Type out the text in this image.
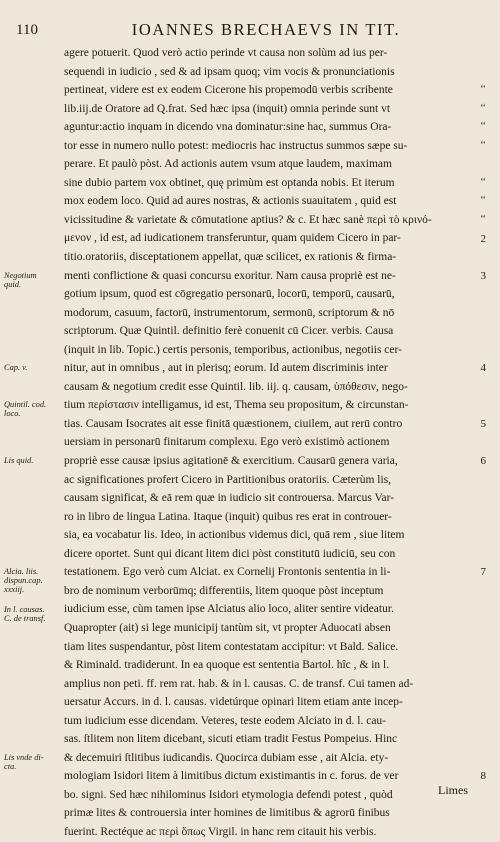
110	IOANNES BRECHAEVS IN TIT.
Negotium
quid.
Cap. v.
Quintil. cod.
loco.
Lis quid.
Alcia. liis.
dispun.cap.
xxxiij.
In l. causas.
C. de transf.
Lis vnde di-
cta.
agere potuerit. Quod verò actio perinde vt causa non solùm ad ius per-
sequendi in iudicio , sed & ad ipsam quoq; vim vocis & pronunciationis
pertineat, videre est ex eodem Cicerone his propemodū verbis scribente
lib.iij.de Oratore ad Q.frat. Sed hæc ipsa (inquit) omnia perinde sunt vt
aguntur:actio inquam in dicendo vna dominatur:sine hac, summus Ora-
tor esse in numero nullo potest: mediocris hac instructus summos sæpe su-
perare. Et paulò pòst. Ad actionis autem vsum atque laudem, maximam
sine dubio partem vox obtinet, quę primùm est optanda nobis. Et iterum
mox eodem loco. Quid ad aures nostras, & actionis suauitatem , quid est
vicissitudine & varietate & cōmutatione aptius? & c. Et hæc sanè περὶ τὸ κρινό-
μενον , id est, ad iudicationem transferuntur, quam quidem Cicero in par-
titio.oratoriis, disceptationem appellat, quæ scilicet, ex rationis & firma-
menti conflictione & quasi concursu exoritur. Nam causa propriè est ne-
gotium ipsum, quod est cōgregatio personarū, locorū, temporū, causarū,
modorum, casuum, factorū, instrumentorum, sermonū, scriptorum & nō
scriptorum. Quæ Quintil. definitio ferè conuenit cū Cicer. verbis. Causa
(inquit in lib. Topic.) certis personis, temporibus, actionibus, negotiis cer-
nitur, aut in omnibus , aut in plerisq; eorum. Id autem discriminis inter
causam & negotium credit esse Quintil. lib. iij. q. causam, ὑπόθεσιν, nego-
tium περίστασιν intelligamus, id est, Thema seu propositum, & circunstan-
tias. Causam Isocrates ait esse finitā quæstionem, ciuilem, aut rerū contro
uersiam in personarū finitarum complexu. Ego verò existimò actionem
propriè esse causæ ipsius agitationē & exercitium. Causarū genera varia,
ac significationes profert Cicero in Partitionibus oratoriis. Cæterùm lis,
causam significat, & eā rem quæ in iudicio sit controuersa. Marcus Var-
ro in libro de lingua Latina. Itaque (inquit) quibus res erat in controuer-
sia, ea vocabatur lis. Ideo, in actionibus videmus dici, quā rem , siue litem
dicere oportet. Sunt qui dicant litem dici pòst constitutū iudiciū, seu con
testationem. Ego verò cum Alciat. ex Cornelij Frontonis sententia in li-
bro de nominum verborūmq; differentiis, litem quoque pòst inceptum
iudicium esse, cùm tamen ipse Alciatus alio loco, aliter sentire videatur.
Quapropter (ait) si lege municipij tantùm sit, vt propter Aduocati absen
tiam lites suspendantur, pòst litem contestatam accipitur: vt Bald. Salice.
& Riminald. tradiderunt. In ea quoque est sententia Bartol. hîc , & in l.
amplius non peti. ff. rem rat. hab. & in l. causas. C. de transf. Cui tamen ad-
uersatur Accurs. in d. l. causas. videtúrque opinari litem etiam ante incep-
tum iudicium esse dicendam. Veteres, teste eodem Alciato in d. l. cau-
sas. ſtlitem non litem dicebant, sicuti etiam tradit Festus Pompeius. Hinc
& decemuiri ſtlitibus iudicandis. Quocirca dubiam esse , ait Alcia. ety-
mologiam Isidori litem à limitibus dictum existimantis in c. forus. de ver
bo. signi. Sed hæc nihilominus Isidori etymologia defendi potest , quòd
primæ lites & controuersia inter homines de limitibus & agrorū finibus
fuerint. Rectéque ac περὶ ὅπως Virgil. in hanc rem citauit his verbis.
‘‘
‘‘
‘‘
‘‘
‘‘
‘‘
‘‘
2
3
4
5
6
7
8
Limes
